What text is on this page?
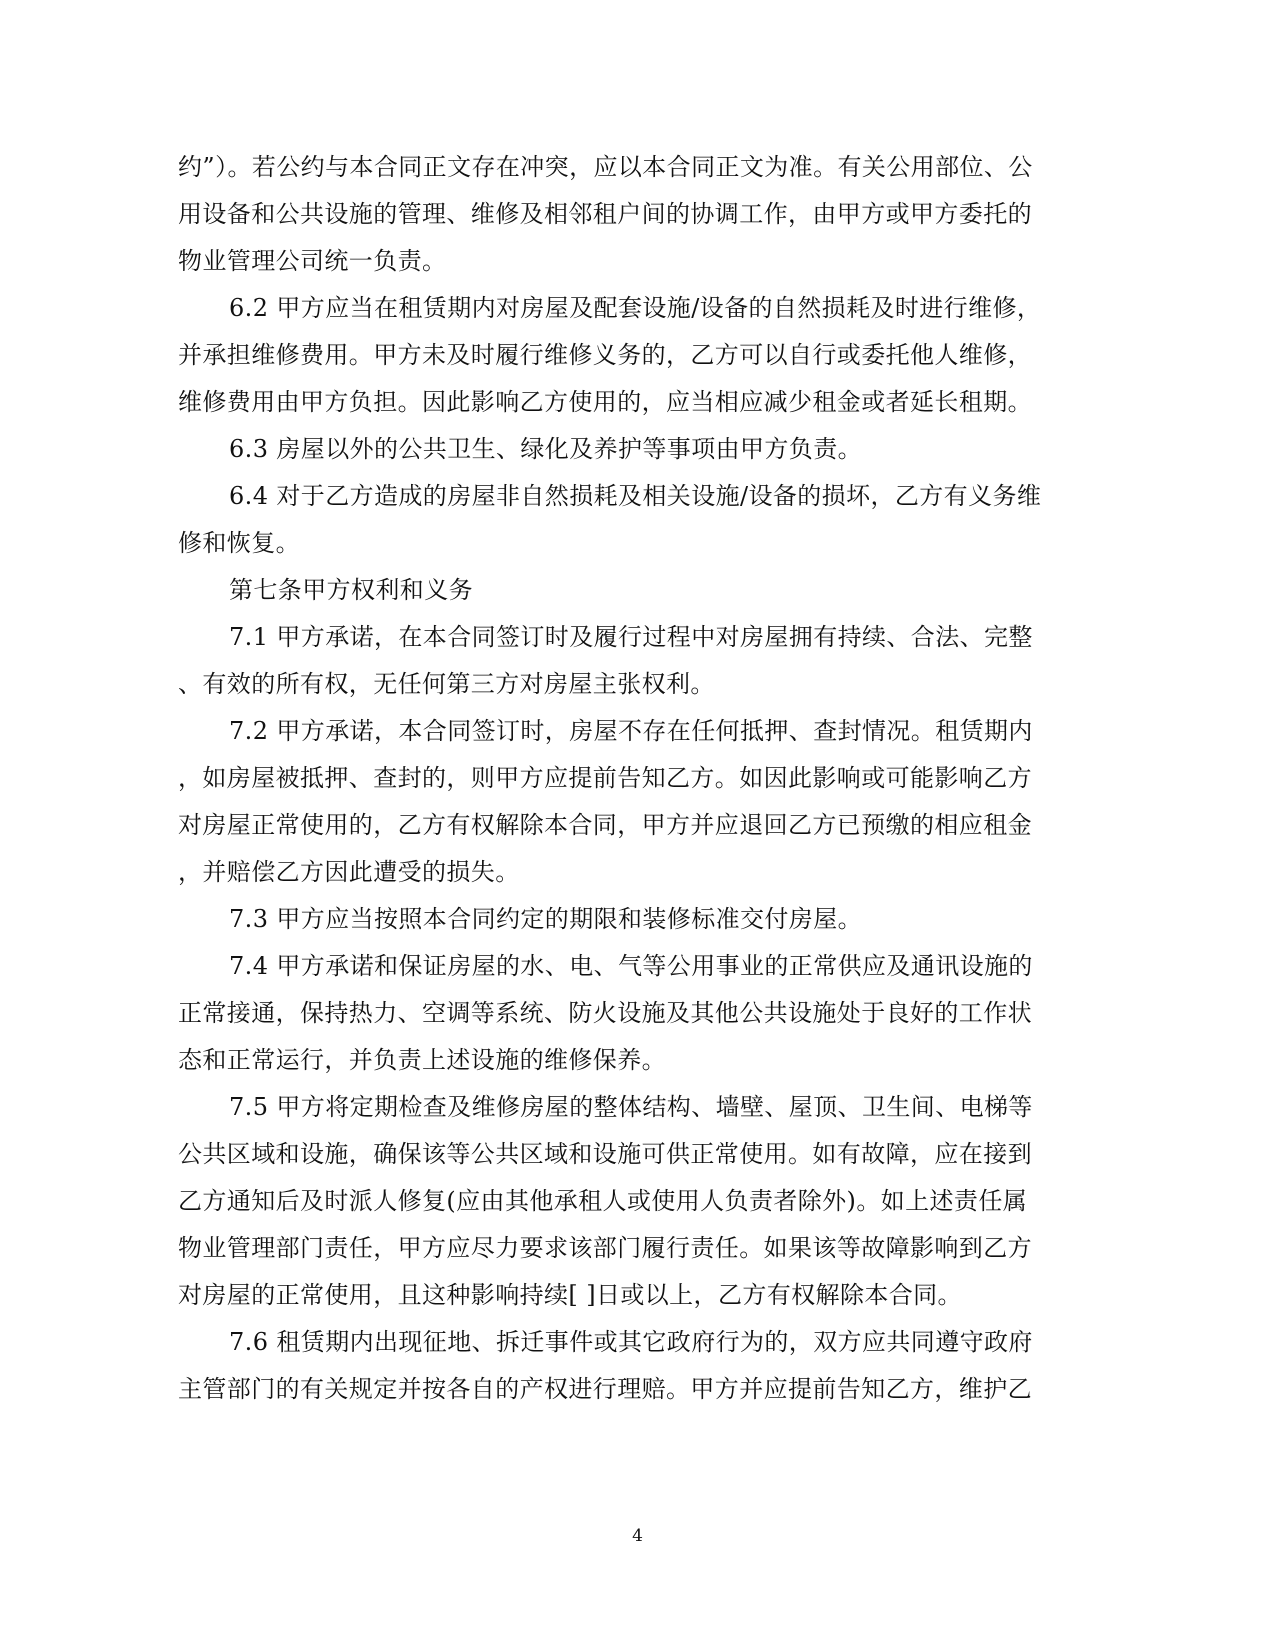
约”）。若公约与本合同正文存在冲突，应以本合同正文为准。有关公用部位、公
用设备和公共设施的管理、维修及相邻租户间的协调工作，由甲方或甲方委托的
物业管理公司统一负责。
6.2 甲方应当在租赁期内对房屋及配套设施/设备的自然损耗及时进行维修，
并承担维修费用。甲方未及时履行维修义务的，乙方可以自行或委托他人维修，
维修费用由甲方负担。因此影响乙方使用的，应当相应减少租金或者延长租期。
6.3 房屋以外的公共卫生、绿化及养护等事项由甲方负责。
6.4 对于乙方造成的房屋非自然损耗及相关设施/设备的损坏，乙方有义务维
修和恢复。
第七条甲方权利和义务
7.1 甲方承诺，在本合同签订时及履行过程中对房屋拥有持续、合法、完整
、有效的所有权，无任何第三方对房屋主张权利。
7.2 甲方承诺，本合同签订时，房屋不存在任何抵押、查封情况。租赁期内
，如房屋被抵押、查封的，则甲方应提前告知乙方。如因此影响或可能影响乙方
对房屋正常使用的，乙方有权解除本合同，甲方并应退回乙方已预缴的相应租金
，并赔偿乙方因此遭受的损失。
7.3 甲方应当按照本合同约定的期限和装修标准交付房屋。
7.4 甲方承诺和保证房屋的水、电、气等公用事业的正常供应及通讯设施的
正常接通，保持热力、空调等系统、防火设施及其他公共设施处于良好的工作状
态和正常运行，并负责上述设施的维修保养。
7.5 甲方将定期检查及维修房屋的整体结构、墙壁、屋顶、卫生间、电梯等
公共区域和设施，确保该等公共区域和设施可供正常使用。如有故障，应在接到
乙方通知后及时派人修复(应由其他承租人或使用人负责者除外)。如上述责任属
物业管理部门责任，甲方应尽力要求该部门履行责任。如果该等故障影响到乙方
对房屋的正常使用，且这种影响持续[ ]日或以上，乙方有权解除本合同。
7.6 租赁期内出现征地、拆迁事件或其它政府行为的，双方应共同遵守政府
主管部门的有关规定并按各自的产权进行理赔。甲方并应提前告知乙方，维护乙
4
